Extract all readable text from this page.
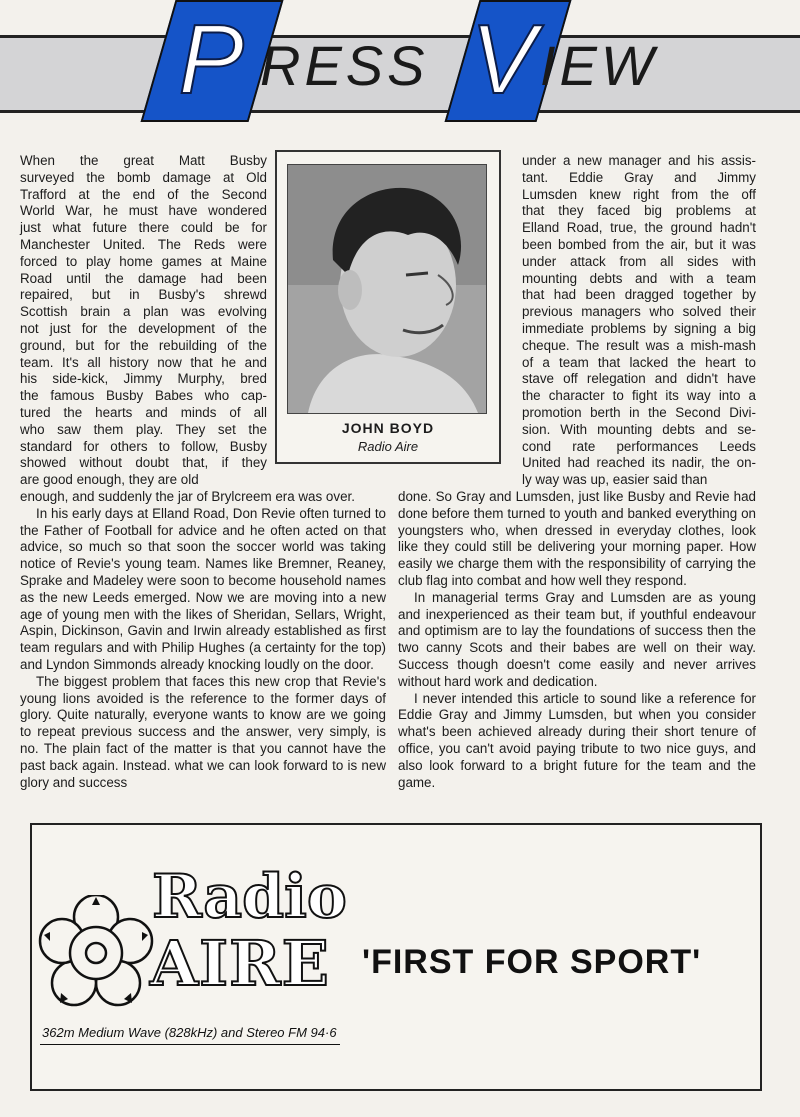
P RESS V IEW
When the great Matt Busby
surveyed the bomb damage at Old
Trafford at the end of the Second
World War, he must have wondered
just what future there could be for
Manchester United. The Reds were
forced to play home games at Maine
Road until the damage had been
repaired, but in Busby's shrewd
Scottish brain a plan was evolving
not just for the development of the
ground, but for the rebuilding of the
team. It's all history now that he and
his side-kick, Jimmy Murphy, bred
the famous Busby Babes who cap-
tured the hearts and minds of all
who saw them play. They set the
standard for others to follow, Busby
showed without doubt that, if they
are good enough, they are old

enough, and suddenly the jar of Brylcreem era was over.

In his early days at Elland Road, Don Revie often turned to the Father of Football for advice and he often acted on that advice, so much so that soon the soccer world was taking notice of Revie's young team. Names like Bremner, Reaney, Sprake and Madeley were soon to become household names as the new Leeds emerged. Now we are moving into a new age of young men with the likes of Sheridan, Sellars, Wright, Aspin, Dickinson, Gavin and Irwin already established as first team regulars and with Philip Hughes (a certainty for the top) and Lyndon Simmonds already knocking loudly on the door.

The biggest problem that faces this new crop that Revie's young lions avoided is the reference to the former days of glory. Quite naturally, everyone wants to know are we going to repeat previous success and the answer, very simply, is no. The plain fact of the matter is that you cannot have the past back again. Instead. what we can look forward to is new glory and success

JOHN BOYD
Radio Aire
under a new manager and his assis-
tant. Eddie Gray and Jimmy
Lumsden knew right from the off
that they faced big problems at
Elland Road, true, the ground hadn't
been bombed from the air, but it was
under attack from all sides with
mounting debts and with a team
that had been dragged together by
previous managers who solved their
immediate problems by signing a big
cheque. The result was a mish-mash
of a team that lacked the heart to
stave off relegation and didn't have
the character to fight its way into a
promotion berth in the Second Divi-
sion. With mounting debts and se-
cond rate performances Leeds
United had reached its nadir, the on-
ly way was up, easier said than

done. So Gray and Lumsden, just like Busby and Revie had done before them turned to youth and banked everything on youngsters who, when dressed in everyday clothes, look like they could still be delivering your morning paper. How easily we charge them with the responsibility of carrying the club flag into combat and how well they respond.

In managerial terms Gray and Lumsden are as young and inexperienced as their team but, if youthful endeavour and optimism are to lay the foundations of success then the two canny Scots and their babes are well on their way. Success though doesn't come easily and never arrives without hard work and dedication.

I never intended this article to sound like a reference for Eddie Gray and Jimmy Lumsden, but when you consider what's been achieved already during their short tenure of office, you can't avoid paying tribute to two nice guys, and also look forward to a bright future for the team and the game.

Radio
AIRE 'FIRST FOR SPORT'
362m Medium Wave (828kHz) and Stereo FM 94·6
